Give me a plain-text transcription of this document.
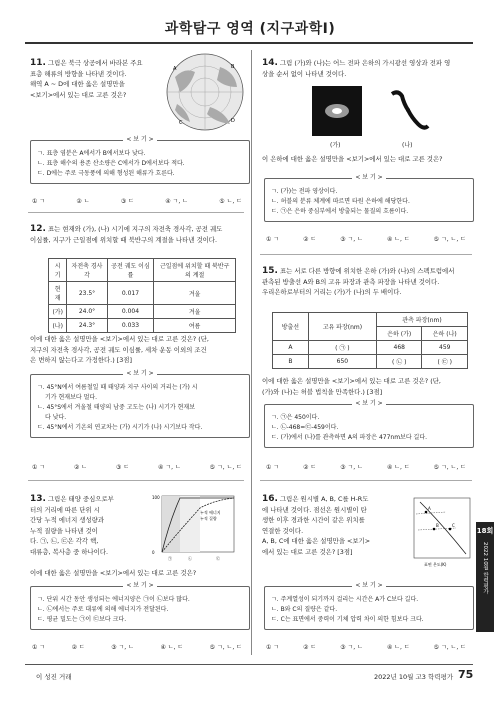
과학탐구 영역 (지구과학Ⅰ)
11. 그림은 북극 상공에서 바라본 주요
표층 해류의 방향을 나타낸 것이다.
해역 A ~ D에 대한 옳은 설명만을
<보기>에서 있는 대로 고른 것은?
A	B
C	D
< 보 기 >
ㄱ. 표층 염분은 A에서가 B에서보다 낮다.
ㄴ. 표층 해수의 용존 산소량은 C에서가 D에서보다 적다.
ㄷ. D에는 주로 극동풍에 의해 형성된 해류가 흐른다.
① ㄱ	② ㄴ	③ ㄷ	④ ㄱ, ㄴ	⑤ ㄴ, ㄷ
12. 표는 현재와 (가), (나) 시기에 지구의 자전축 경사각, 공전 궤도
이심률, 지구가 근일점에 위치할 때 북반구의 계절을 나타낸 것이다.
시기	자전축 경사각	공전 궤도 이심률	근일점에 위치할 때 북반구의 계절
현재	23.5°	0.017	겨울
(가)	24.0°	0.004	겨울
(나)	24.3°	0.033	여름
이에 대한 옳은 설명만을 <보기>에서 있는 대로 고른 것은? (단,
지구의 자전축 경사각, 공전 궤도 이심률, 세차 운동 이외의 조건
은 변하지 않는다고 가정한다.) [3점]
< 보 기 >
ㄱ. 45°N에서 여름철일 때 태양과 지구 사이의 거리는 (가) 시
기가 현재보다 멀다.
ㄴ. 45°S에서 겨울철 태양의 남중 고도는 (나) 시기가 현재보
다 낮다.
ㄷ. 45°N에서 기온의 연교차는 (가) 시기가 (나) 시기보다 작다.
① ㄱ	② ㄴ	③ ㄷ	④ ㄱ, ㄴ	⑤ ㄱ, ㄴ, ㄷ
13. 그림은 태양 중심으로부
터의 거리에 따른 단위 시
간당 누적 에너지 생성량과
누적 질량을 나타낸 것이
다. ㉠, ㉡, ㉢은 각각 핵,
대류층, 복사층 중 하나이다.
㉠	㉡	㉢
누적 에너지
누적 질량
0
100
이에 대한 옳은 설명만을 <보기>에서 있는 대로 고른 것은?
< 보 기 >
ㄱ. 단위 시간 동안 생성되는 에너지양은 ㉠이 ㉡보다 많다.
ㄴ. ㉡에서는 주로 대류에 의해 에너지가 전달된다.
ㄷ. 평균 밀도는 ㉠이 ㉢보다 크다.
① ㄱ	② ㄷ	③ ㄱ, ㄴ	④ ㄴ, ㄷ	⑤ ㄱ, ㄴ, ㄷ
14. 그림 (가)와 (나)는 어느 전파 은하의 가시광선 영상과 전파 영
상을 순서 없이 나타낸 것이다.
(가)	(나)
이 은하에 대한 옳은 설명만을 <보기>에서 있는 대로 고른 것은?
< 보 기 >
ㄱ. (가)는 전파 영상이다.
ㄴ. 허블의 분류 체계에 따르면 타원 은하에 해당한다.
ㄷ. ㉠은 은하 중심부에서 방출되는 물질의 흐름이다.
① ㄱ	② ㄷ	③ ㄱ, ㄴ	④ ㄴ, ㄷ	⑤ ㄱ, ㄴ, ㄷ
15. 표는 서로 다른 방향에 위치한 은하 (가)와 (나)의 스펙트럼에서
관측된 방출선 A와 B의 고유 파장과 관측 파장을 나타낸 것이다.
우리은하로부터의 거리는 (가)가 (나)의 두 배이다.
방출선	고유 파장(nm)	관측 파장(nm)	
		은하 (가)	은하 (나)
A	( ㉠ )	468	459
B	650	( ㉡ )	( ㉢ )
이에 대한 옳은 설명만을 <보기>에서 있는 대로 고른 것은? (단,
(가)와 (나)는 허블 법칙을 만족한다.) [3점]
< 보 기 >
ㄱ. ㉠은 450이다.
ㄴ. ㉡-468=㉢-459이다.
ㄷ. (가)에서 (나)를 관측하면 A의 파장은 477nm보다 길다.
① ㄱ	② ㄷ	③ ㄱ, ㄴ	④ ㄴ, ㄷ	⑤ ㄱ, ㄴ, ㄷ
16. 그림은 원시별 A, B, C를 H-R도
에 나타낸 것이다. 점선은 원시별이 탄
생한 이후 경과한 시간이 같은 위치를
연결한 것이다.
A, B, C에 대한 옳은 설명만을 <보기>
에서 있는 대로 고른 것은? [3점]
A
B	C
표면 온도(K)
< 보 기 >
ㄱ. 주계열성이 되기까지 걸리는 시간은 A가 C보다 길다.
ㄴ. B와 C의 질량은 같다.
ㄷ. C는 표면에서 중력이 기체 압력 차이 의한 힘보다 크다.
① ㄱ	② ㄷ	③ ㄱ, ㄴ	④ ㄴ, ㄷ	⑤ ㄱ, ㄴ, ㄷ
18회
2022 10월 학력평가
이 성진 거래	2022년 10월 고3 학력평가 75
